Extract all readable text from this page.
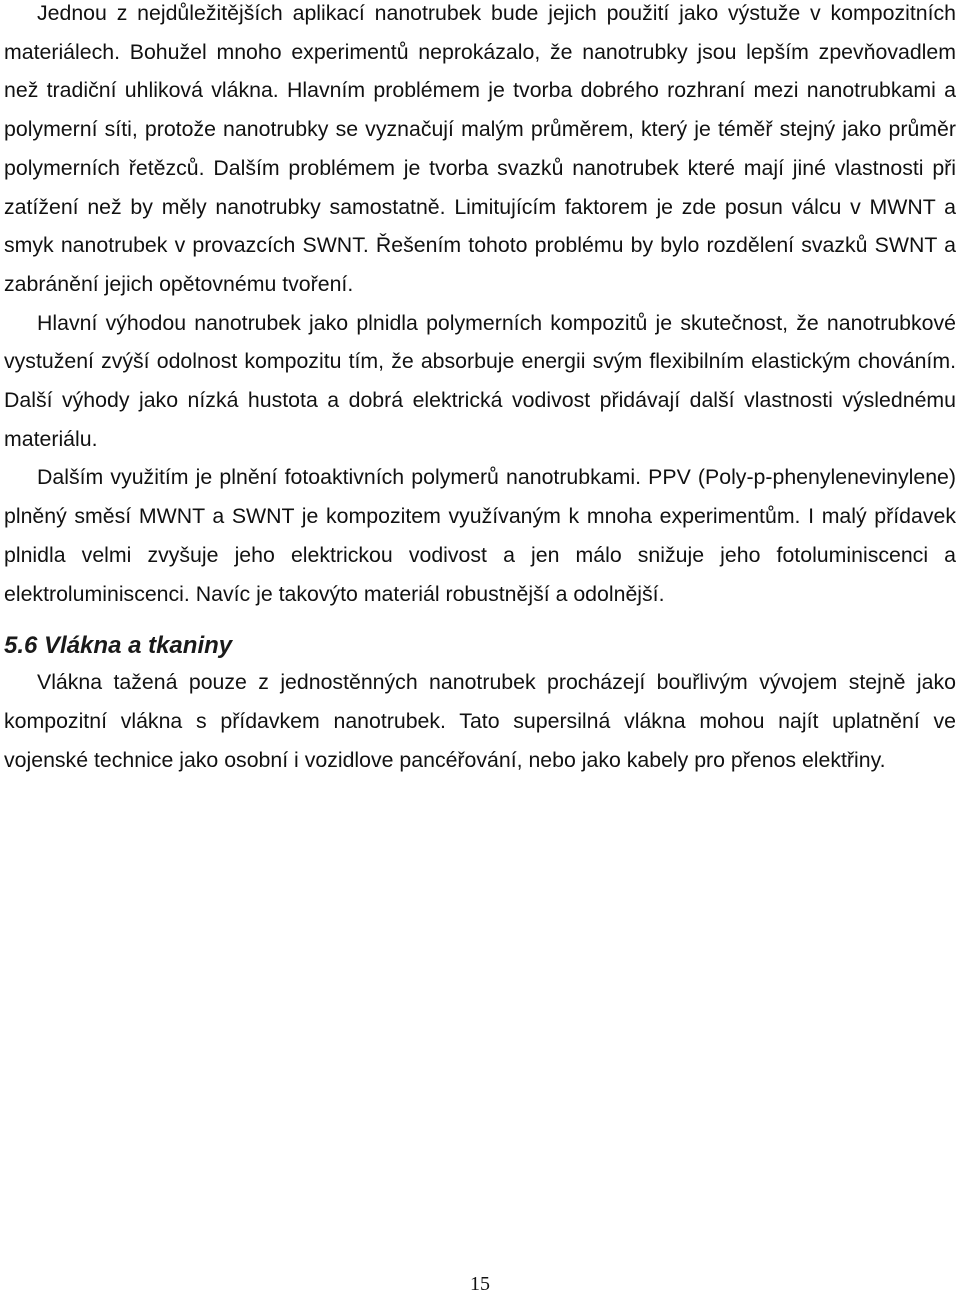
Jednou z nejdůležitějších aplikací nanotrubek bude jejich použití jako výstuže v kompozitních materiálech. Bohužel mnoho experimentů neprokázalo, že nanotrubky jsou lepším zpevňovadlem než tradiční uhliková vlákna. Hlavním problémem je tvorba dobrého rozhraní mezi nanotrubkami a polymerní síti, protože nanotrubky se vyznačují malým průměrem, který je téměř stejný jako průměr polymerních řetězců. Dalším problémem je tvorba svazků nanotrubek které mají jiné vlastnosti při zatížení než by měly nanotrubky samostatně. Limitujícím faktorem je zde posun válcu v MWNT a smyk nanotrubek v provazcích SWNT. Řešením tohoto problému by bylo rozdělení svazků SWNT a zabránění jejich opětovnému tvoření.

Hlavní výhodou nanotrubek jako plnidla polymerních kompozitů je skutečnost, že nanotrubkové vystužení zvýší odolnost kompozitu tím, že absorbuje energii svým flexibilním elastickým chováním. Další výhody jako nízká hustota a dobrá elektrická vodivost přidávají další vlastnosti výslednému materiálu.

Dalším využitím je plnění fotoaktivních polymerů nanotrubkami. PPV (Poly-p-phenylenevinylene) plněný směsí MWNT a SWNT je kompozitem využívaným k mnoha experimentům. I malý přídavek plnidla velmi zvyšuje jeho elektrickou vodivost a jen málo snižuje jeho fotoluminiscenci a elektroluminiscenci. Navíc je takovýto materiál robustnější a odolnější.

5.6 Vlákna a tkaniny

Vlákna tažená pouze z jednostěnných nanotrubek procházejí bouřlivým vývojem stejně jako kompozitní vlákna s přídavkem nanotrubek. Tato supersilná vlákna mohou najít uplatnění ve vojenské technice jako osobní i vozidlove pancéřování, nebo jako kabely pro přenos elektřiny.

15
